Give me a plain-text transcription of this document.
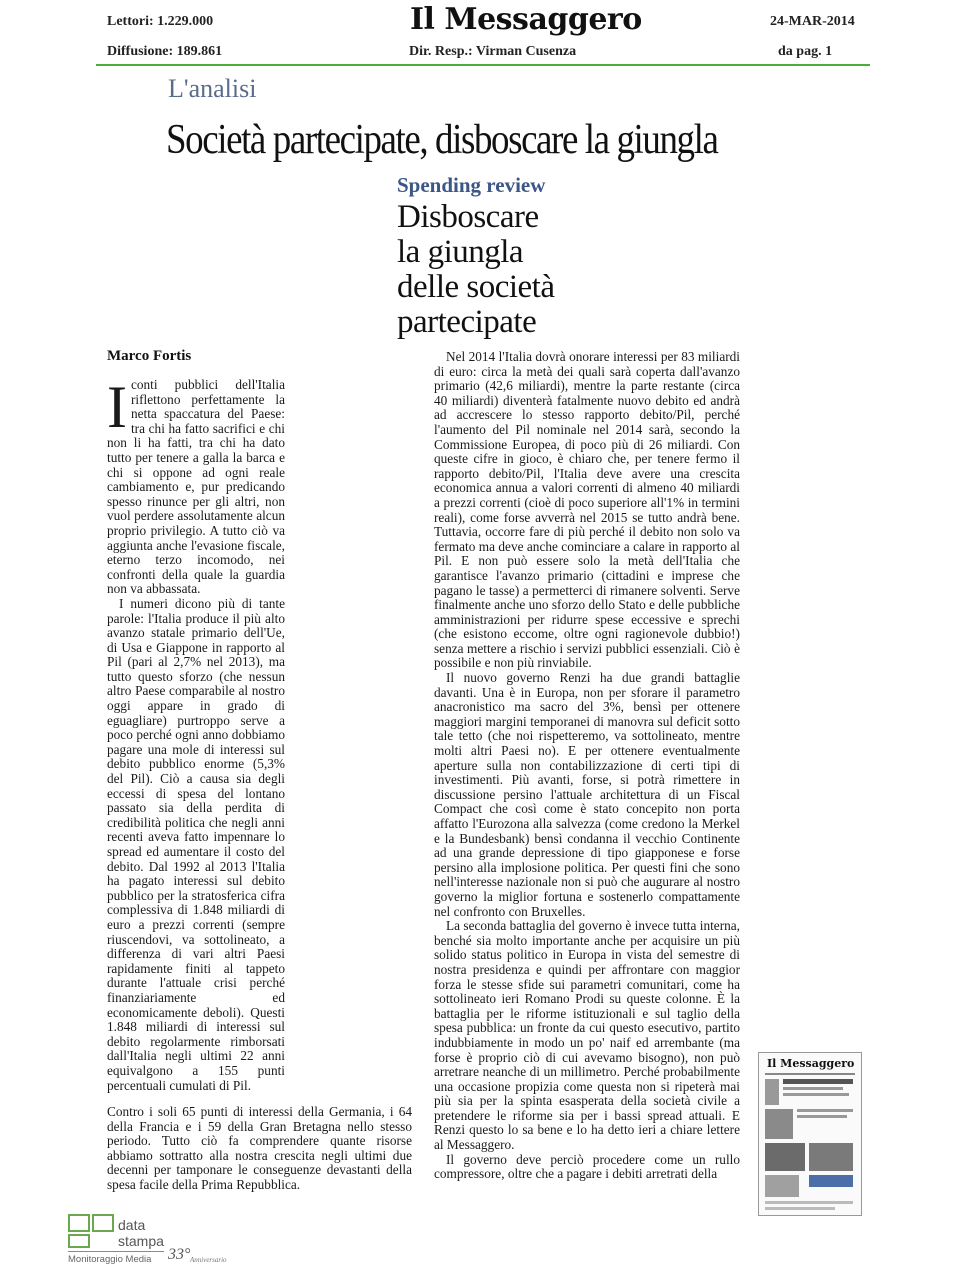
Lettori: 1.229.000
Diffusione: 189.861
Il Messaggero
Dir. Resp.: Virman Cusenza
24-MAR-2014
da pag. 1
L'analisi
Società partecipate, disboscare la giungla
Spending review
Disboscare
la giungla
delle società
partecipate
Marco Fortis

Iconti pubblici dell'Italia riflettono perfettamente la netta spaccatura del Paese: tra chi ha fatto sacrifici e chi non li ha fatti, tra chi ha dato tutto per tenere a galla la barca e chi si oppone ad ogni reale cambiamento e, pur predicando spesso rinunce per gli altri, non vuol perdere assolutamente alcun proprio privilegio. A tutto ciò va aggiunta anche l'evasione fiscale, eterno terzo incomodo, nei confronti della quale la guardia non va abbassata.

I numeri dicono più di tante parole: l'Italia produce il più alto avanzo statale primario dell'Ue, di Usa e Giappone in rapporto al Pil (pari al 2,7% nel 2013), ma tutto questo sforzo (che nessun altro Paese comparabile al nostro oggi appare in grado di eguagliare) purtroppo serve a poco perché ogni anno dobbiamo pagare una mole di interessi sul debito pubblico enorme (5,3% del Pil). Ciò a causa sia degli eccessi di spesa del lontano passato sia della perdita di credibilità politica che negli anni recenti aveva fatto impennare lo spread ed aumentare il costo del debito. Dal 1992 al 2013 l'Italia ha pagato interessi sul debito pubblico per la stratosferica cifra complessiva di 1.848 miliardi di euro a prezzi correnti (sempre riuscendovi, va sottolineato, a differenza di vari altri Paesi rapidamente finiti al tappeto durante l'attuale crisi perché finanziariamente ed economicamente deboli). Questi 1.848 miliardi di interessi sul debito regolarmente rimborsati dall'Italia negli ultimi 22 anni equivalgono a 155 punti percentuali cumulati di Pil.

Contro i soli 65 punti di interessi della Germania, i 64 della Francia e i 59 della Gran Bretagna nello stesso periodo. Tutto ciò fa comprendere quante risorse abbiamo sottratto alla nostra crescita negli ultimi due decenni per tamponare le conseguenze devastanti della spesa facile della Prima Repubblica.

Nel 2014 l'Italia dovrà onorare interessi per 83 miliardi di euro: circa la metà dei quali sarà coperta dall'avanzo primario (42,6 miliardi), mentre la parte restante (circa 40 miliardi) diventerà fatalmente nuovo debito ed andrà ad accrescere lo stesso rapporto debito/Pil, perché l'aumento del Pil nominale nel 2014 sarà, secondo la Commissione Europea, di poco più di 26 miliardi. Con queste cifre in gioco, è chiaro che, per tenere fermo il rapporto debito/Pil, l'Italia deve avere una crescita economica annua a valori correnti di almeno 40 miliardi a prezzi correnti (cioè di poco superiore all'1% in termini reali), come forse avverrà nel 2015 se tutto andrà bene. Tuttavia, occorre fare di più perché il debito non solo va fermato ma deve anche cominciare a calare in rapporto al Pil. E non può essere solo la metà dell'Italia che garantisce l'avanzo primario (cittadini e imprese che pagano le tasse) a permetterci di rimanere solventi. Serve finalmente anche uno sforzo dello Stato e delle pubbliche amministrazioni per ridurre spese eccessive e sprechi (che esistono eccome, oltre ogni ragionevole dubbio!) senza mettere a rischio i servizi pubblici essenziali. Ciò è possibile e non più rinviabile.

Il nuovo governo Renzi ha due grandi battaglie davanti. Una è in Europa, non per sforare il parametro anacronistico ma sacro del 3%, bensì per ottenere maggiori margini temporanei di manovra sul deficit sotto tale tetto (che noi rispetteremo, va sottolineato, mentre molti altri Paesi no). E per ottenere eventualmente aperture sulla non contabilizzazione di certi tipi di investimenti. Più avanti, forse, si potrà rimettere in discussione persino l'attuale architettura di un Fiscal Compact che così come è stato concepito non porta affatto l'Eurozona alla salvezza (come credono la Merkel e la Bundesbank) bensì condanna il vecchio Continente ad una grande depressione di tipo giapponese e forse persino alla implosione politica. Per questi fini che sono nell'interesse nazionale non si può che augurare al nostro governo la miglior fortuna e sostenerlo compattamente nel confronto con Bruxelles.

La seconda battaglia del governo è invece tutta interna, benché sia molto importante anche per acquisire un più solido status politico in Europa in vista del semestre di nostra presidenza e quindi per affrontare con maggior forza le stesse sfide sui parametri comunitari, come ha sottolineato ieri Romano Prodi su queste colonne. È la battaglia per le riforme istituzionali e sul taglio della spesa pubblica: un fronte da cui questo esecutivo, partito indubbiamente in modo un po' naif ed arrembante (ma forse è proprio ciò di cui avevamo bisogno), non può arretrare neanche di un millimetro. Perché probabilmente una occasione propizia come questa non si ripeterà mai più sia per la spinta esasperata della società civile a pretendere le riforme sia per i bassi spread attuali. E Renzi questo lo sa bene e lo ha detto ieri a chiare lettere al Messaggero.

Il governo deve perciò procedere come un rullo compressore, oltre che a pagare i debiti arretrati della

Il Messaggero
data
stampa
Monitoraggio Media 33° Anniversario
